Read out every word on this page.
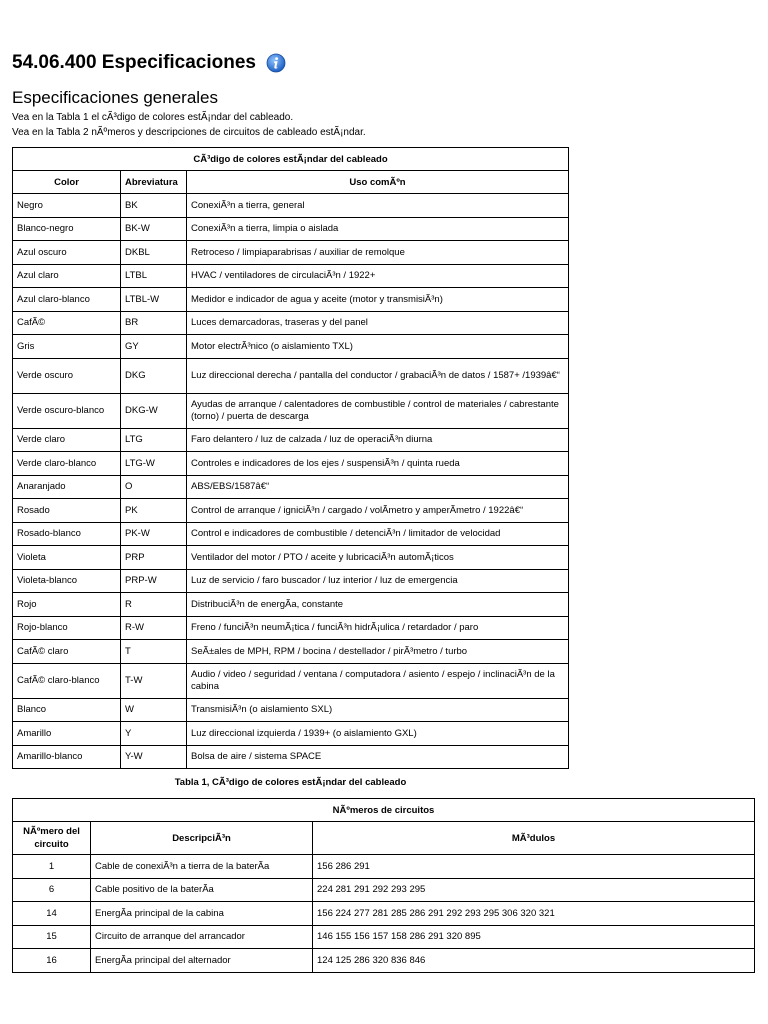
54.06.400 Especificaciones
Especificaciones generales

Vea en la Tabla 1 el cÃ³digo de colores estÃ¡ndar del cableado.

Vea en la Tabla 2 nÃºmeros y descripciones de circuitos de cableado estÃ¡ndar.

CÃ³digo de colores estÃ¡ndar del cableado		
Color	Abreviatura	Uso comÃºn
Negro	BK	ConexiÃ³n a tierra, general
Blanco-negro	BK-W	ConexiÃ³n a tierra, limpia o aislada
Azul oscuro	DKBL	Retroceso / limpiaparabrisas / auxiliar de remolque
Azul claro	LTBL	HVAC / ventiladores de circulaciÃ³n / 1922+
Azul claro-blanco	LTBL-W	Medidor e indicador de agua y aceite (motor y transmisiÃ³n)
CafÃ©	BR	Luces demarcadoras, traseras y del panel
Gris	GY	Motor electrÃ³nico (o aislamiento TXL)
Verde oscuro	DKG	Luz direccional derecha / pantalla del conductor / grabaciÃ³n de datos / 1587+ /1939â€“
Verde oscuro-blanco	DKG-W	Ayudas de arranque / calentadores de combustible / control de materiales / cabrestante (torno) / puerta de descarga
Verde claro	LTG	Faro delantero / luz de calzada / luz de operaciÃ³n diurna
Verde claro-blanco	LTG-W	Controles e indicadores de los ejes / suspensiÃ³n / quinta rueda
Anaranjado	O	ABS/EBS/1587â€“
Rosado	PK	Control de arranque / igniciÃ³n / cargado / volÃmetro y amperÃmetro / 1922â€“
Rosado-blanco	PK-W	Control e indicadores de combustible / detenciÃ³n / limitador de velocidad
Violeta	PRP	Ventilador del motor / PTO / aceite y lubricaciÃ³n automÃ¡ticos
Violeta-blanco	PRP-W	Luz de servicio / faro buscador / luz interior / luz de emergencia
Rojo	R	DistribuciÃ³n de energÃa, constante
Rojo-blanco	R-W	Freno / funciÃ³n neumÃ¡tica / funciÃ³n hidrÃ¡ulica / retardador / paro
CafÃ© claro	T	SeÃ±ales de MPH, RPM / bocina / destellador / pirÃ³metro / turbo
CafÃ© claro-blanco	T-W	Audio / video / seguridad / ventana / computadora / asiento / espejo / inclinaciÃ³n de la cabina
Blanco	W	TransmisiÃ³n (o aislamiento SXL)
Amarillo	Y	Luz direccional izquierda / 1939+ (o aislamiento GXL)
Amarillo-blanco	Y-W	Bolsa de aire / sistema SPACE
Tabla 1, CÃ³digo de colores estÃ¡ndar del cableado
NÃºmeros de circuitos		
NÃºmero del circuito	DescripciÃ³n	MÃ³dulos
1	Cable de conexiÃ³n a tierra de la baterÃa	156 286 291
6	Cable positivo de la baterÃa	224 281 291 292 293 295
14	EnergÃa principal de la cabina	156 224 277 281 285 286 291 292 293 295 306 320 321
15	Circuito de arranque del arrancador	146 155 156 157 158 286 291 320 895
16	EnergÃa principal del alternador	124 125 286 320 836 846
